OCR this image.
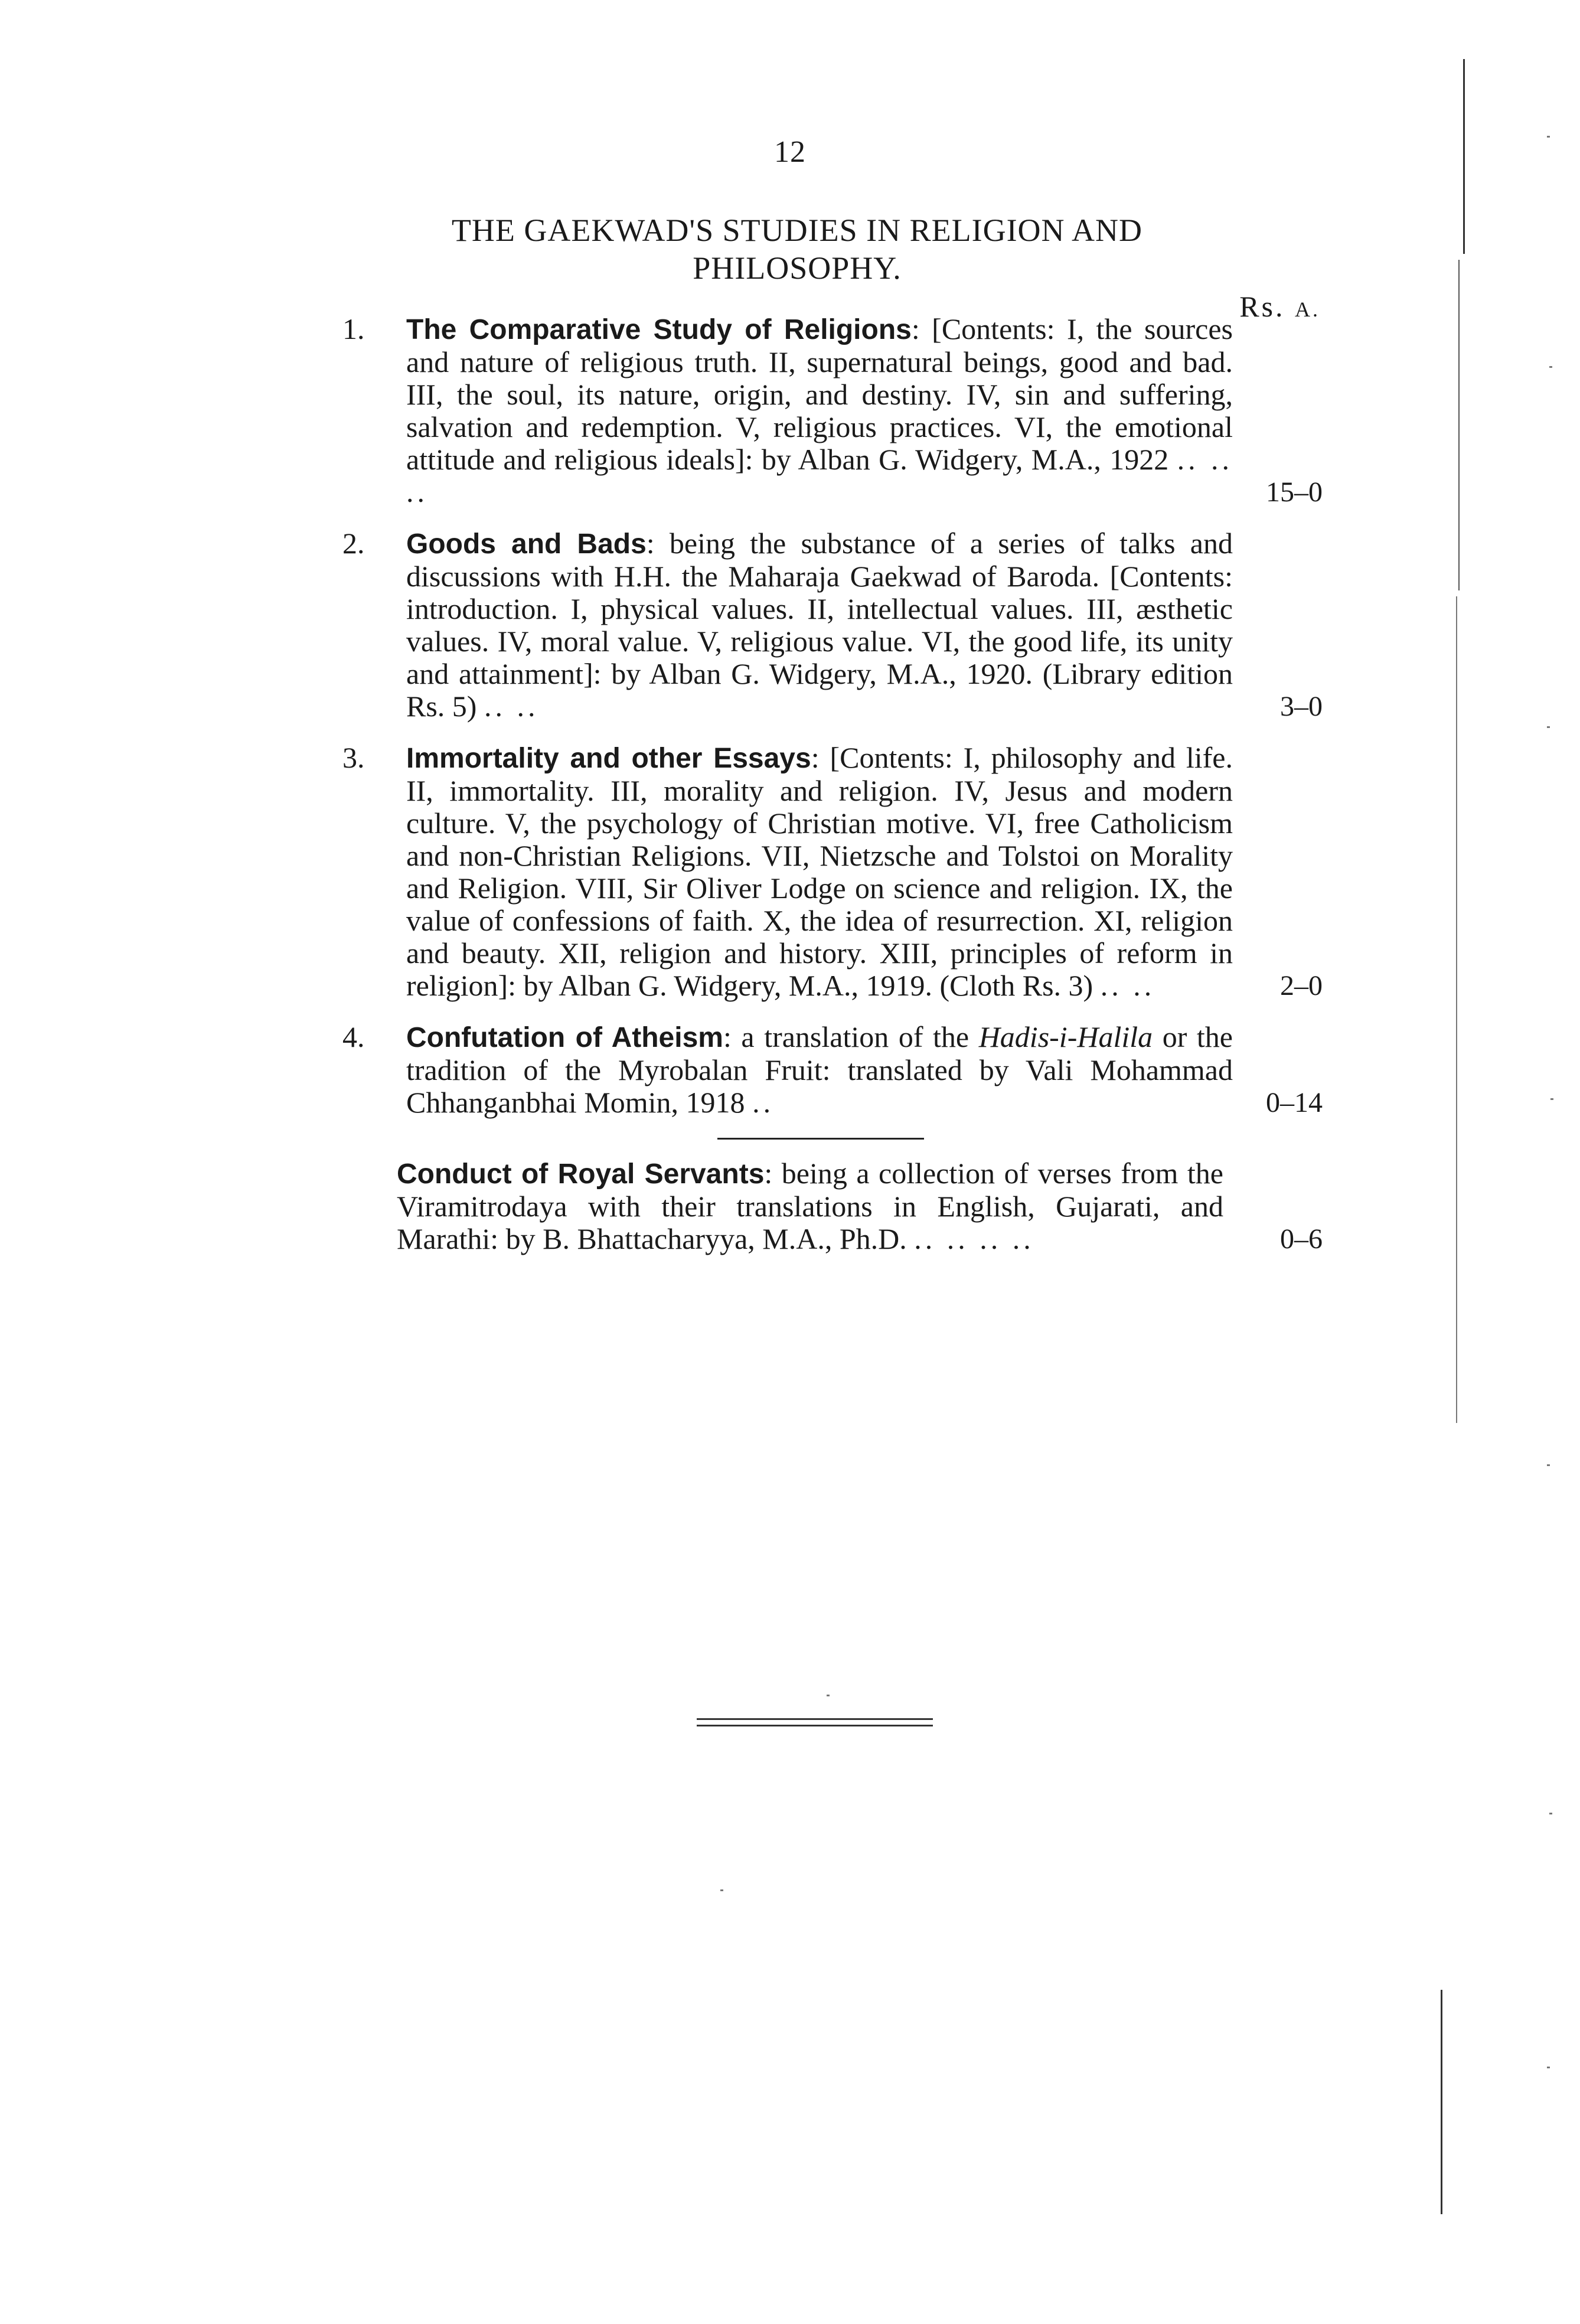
12
THE GAEKWAD'S STUDIES IN RELIGION AND
PHILOSOPHY.
Rs. A.
1. The Comparative Study of Religions: [Contents: I, the sources and nature of religious truth. II, supernatural beings, good and bad. III, the soul, its nature, origin, and destiny. IV, sin and suffering, salvation and redemption. V, religious practices. VI, the emotional attitude and religious ideals]: by Alban G. Widgery, M.A., 1922 .. .. ..	15–0
2. Goods and Bads: being the substance of a series of talks and discussions with H.H. the Maharaja Gaekwad of Baroda. [Contents: introduction. I, physical values. II, intellectual values. III, æsthetic values. IV, moral value. V, religious value. VI, the good life, its unity and attainment]: by Alban G. Widgery, M.A., 1920. (Library edition Rs. 5) .. ..	3–0
3. Immortality and other Essays: [Contents: I, philosophy and life. II, immortality. III, morality and religion. IV, Jesus and modern culture. V, the psychology of Christian motive. VI, free Catholicism and non-Christian Religions. VII, Nietzsche and Tolstoi on Morality and Religion. VIII, Sir Oliver Lodge on science and religion. IX, the value of confessions of faith. X, the idea of resurrection. XI, religion and beauty. XII, religion and history. XIII, principles of reform in religion]: by Alban G. Widgery, M.A., 1919. (Cloth Rs. 3) .. ..	2–0
4. Confutation of Atheism: a translation of the Hadis-i-Halila or the tradition of the Myrobalan Fruit: translated by Vali Mohammad Chhanganbhai Momin, 1918 ..	0–14
Conduct of Royal Servants: being a collection of verses from the Viramitrodaya with their translations in English, Gujarati, and Marathi: by B. Bhattacharyya, M.A., Ph.D. .. .. .. ..	0–6
